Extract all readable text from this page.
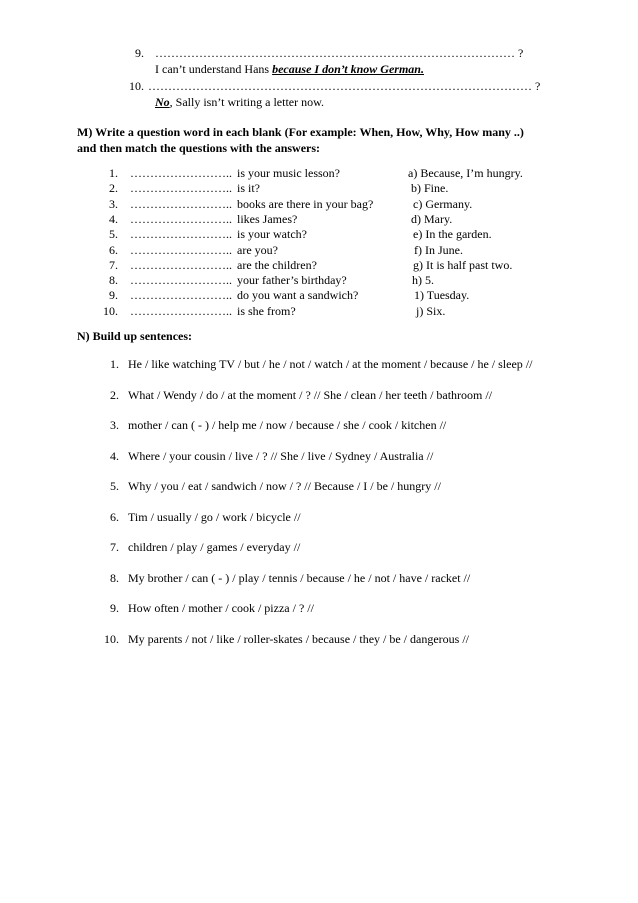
9. ……………………………………………………………………………… ?
I can’t understand Hans because I don’t know German.
10. …………………………………………………………………………………… ?
No, Sally isn’t writing a letter now.
M) Write a question word in each blank (For example: When, How, Why, How many ..)
and then match the questions with the answers:
1. …………………….. is your music lesson?
2. …………………….. is it?
3. …………………….. books are there in your bag?
4. …………………….. likes James?
5. …………………….. is your watch?
6. …………………….. are you?
7. …………………….. are the children?
8. …………………….. your father’s birthday?
9. …………………….. do you want a sandwich?
10. …………………….. is she from?
a) Because, I’m hungry.
b) Fine.
c) Germany.
d) Mary.
e) In the garden.
f) In June.
g) It is half past two.
h) 5.
1) Tuesday.
j) Six.
N) Build up sentences:
1. He / like watching TV / but / he / not / watch / at the moment / because / he / sleep //
2. What / Wendy / do / at the moment / ? // She / clean / her teeth / bathroom //
3. mother / can ( - ) / help me / now / because / she / cook / kitchen //
4. Where / your cousin / live / ? // She / live / Sydney / Australia //
5. Why / you / eat / sandwich / now / ? // Because / I / be / hungry //
6. Tim / usually / go / work / bicycle //
7. children / play / games / everyday //
8. My brother / can ( - ) / play / tennis / because / he / not / have / racket //
9. How often / mother / cook / pizza / ? //
10. My parents / not / like / roller-skates / because / they / be / dangerous //
